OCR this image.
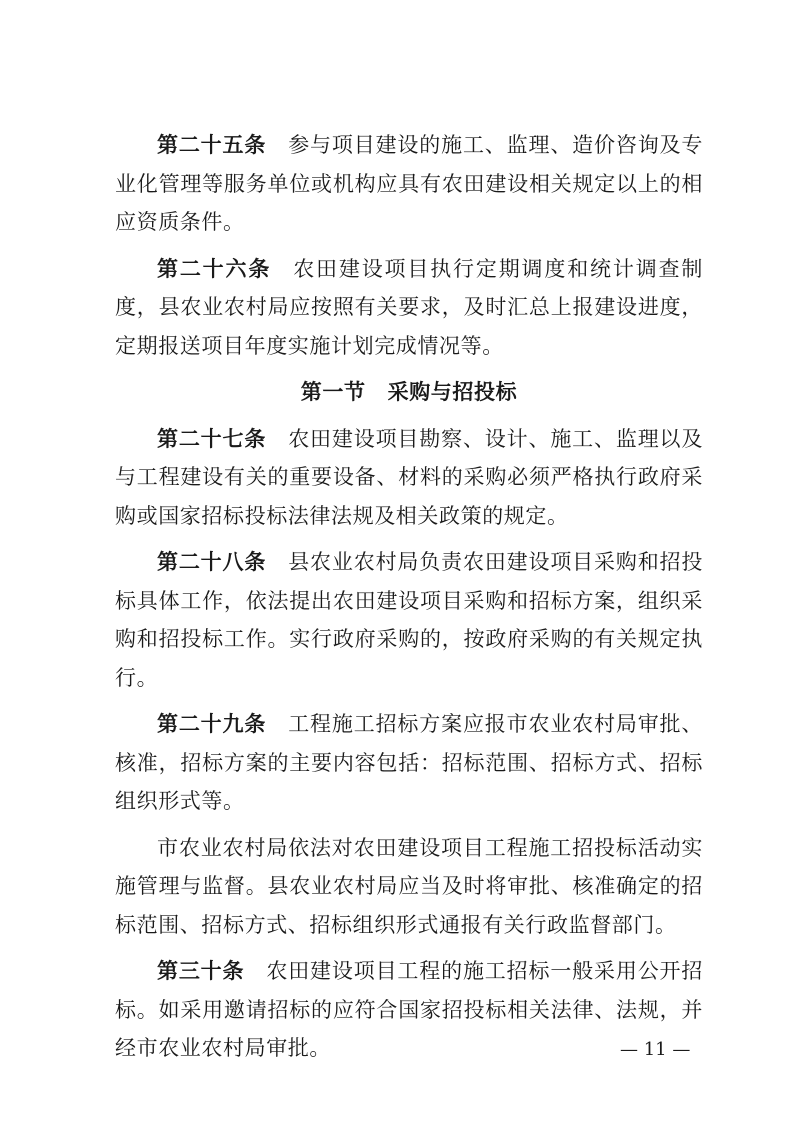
第二十五条 参与项目建设的施工、监理、造价咨询及专业化管理等服务单位或机构应具有农田建设相关规定以上的相应资质条件。

第二十六条 农田建设项目执行定期调度和统计调查制度，县农业农村局应按照有关要求，及时汇总上报建设进度，定期报送项目年度实施计划完成情况等。

第一节 采购与招投标

第二十七条 农田建设项目勘察、设计、施工、监理以及与工程建设有关的重要设备、材料的采购必须严格执行政府采购或国家招标投标法律法规及相关政策的规定。

第二十八条 县农业农村局负责农田建设项目采购和招投标具体工作，依法提出农田建设项目采购和招标方案，组织采购和招投标工作。实行政府采购的，按政府采购的有关规定执行。

第二十九条 工程施工招标方案应报市农业农村局审批、核准，招标方案的主要内容包括：招标范围、招标方式、招标组织形式等。

市农业农村局依法对农田建设项目工程施工招投标活动实施管理与监督。县农业农村局应当及时将审批、核准确定的招标范围、招标方式、招标组织形式通报有关行政监督部门。

第三十条 农田建设项目工程的施工招标一般采用公开招标。如采用邀请招标的应符合国家招投标相关法律、法规，并经市农业农村局审批。	— 11 —
